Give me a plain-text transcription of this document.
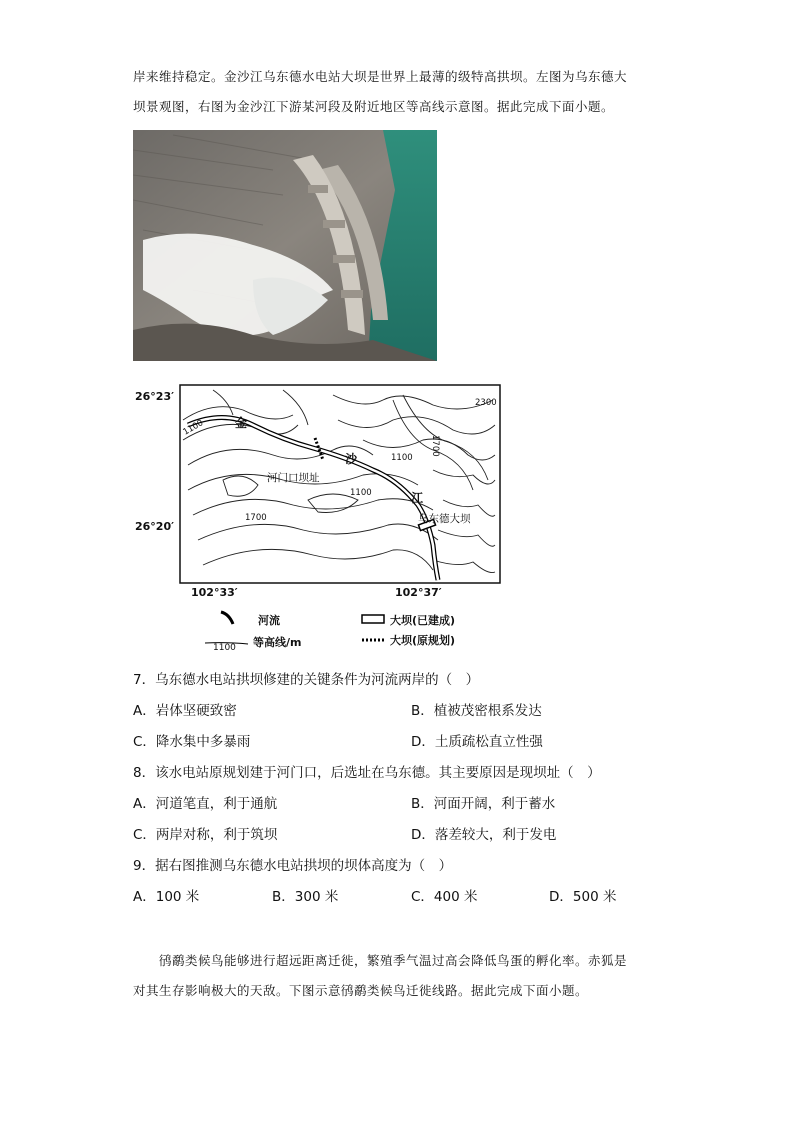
岸来维持稳定。金沙江乌东德水电站大坝是世界上最薄的级特高拱坝。左图为乌东德大
坝景观图，右图为金沙江下游某河段及附近地区等高线示意图。据此完成下面小题。
26°23′
26°20′
102°33′	102°37′
2300
1700
1100
1100
1100
1700
金
沙
江
河门口坝址
乌东德大坝
河流
1100 等高线/m
大坝(已建成)
大坝(原规划)
7．乌东德水电站拱坝修建的关键条件为河流两岸的（　）
A．岩体坚硬致密	B．植被茂密根系发达
C．降水集中多暴雨	D．土质疏松直立性强
8．该水电站原规划建于河门口，后选址在乌东德。其主要原因是现坝址（　）
A．河道笔直，利于通航	B．河面开阔，利于蓄水
C．两岸对称，利于筑坝	D．落差较大，利于发电
9．据右图推测乌东德水电站拱坝的坝体高度为（　）
A．100 米	B．300 米	C．400 米	D．500 米
　　鸻鹬类候鸟能够进行超远距离迁徙，繁殖季气温过高会降低鸟蛋的孵化率。赤狐是
对其生存影响极大的天敌。下图示意鸻鹬类候鸟迁徙线路。据此完成下面小题。
